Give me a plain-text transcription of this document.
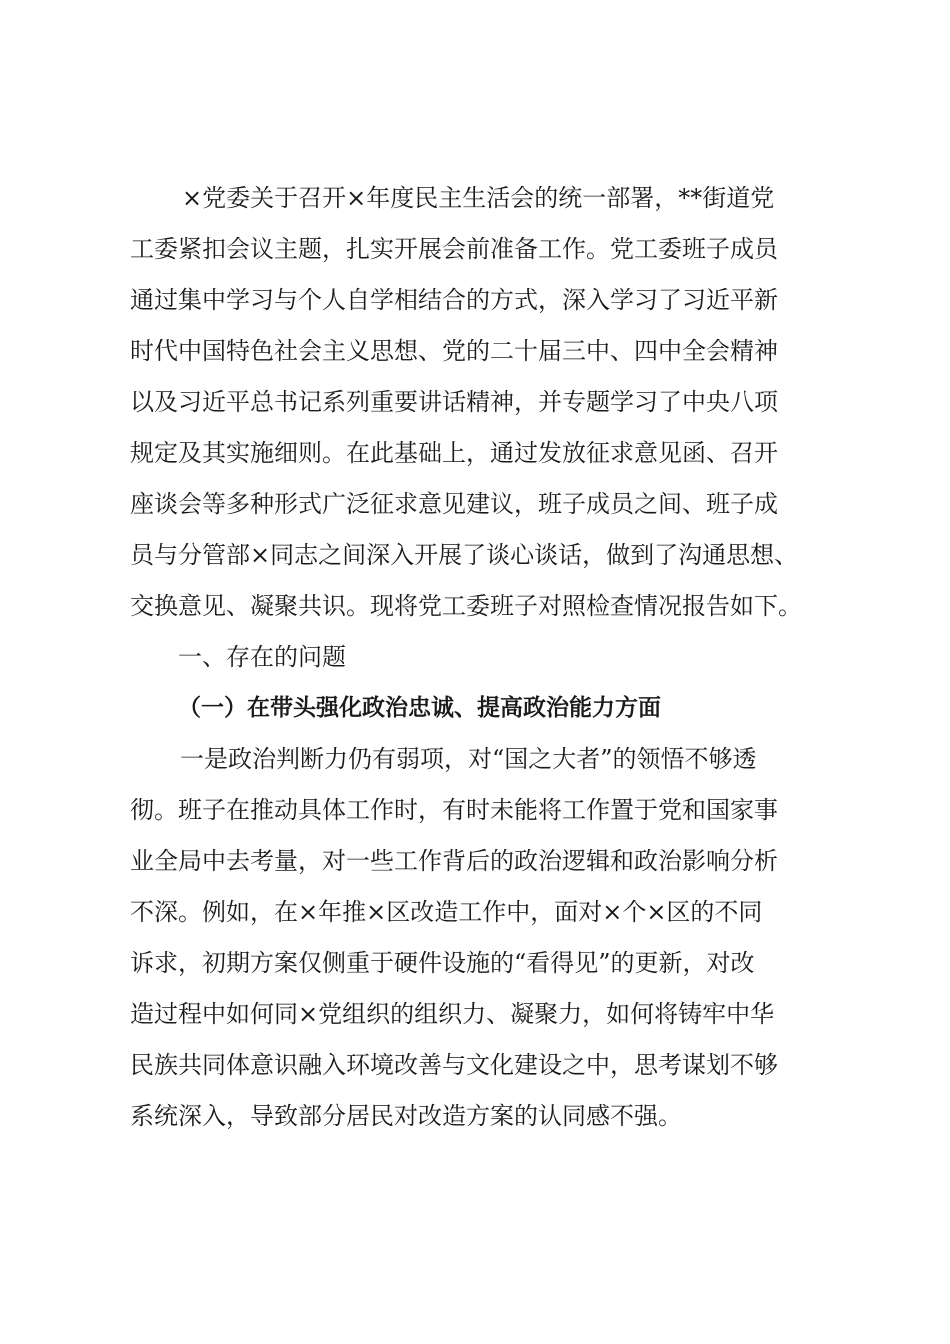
×党委关于召开×年度民主生活会的统一部署，**街道党
工委紧扣会议主题，扎实开展会前准备工作。党工委班子成员
通过集中学习与个人自学相结合的方式，深入学习了习近平新
时代中国特色社会主义思想、党的二十届三中、四中全会精神
以及习近平总书记系列重要讲话精神，并专题学习了中央八项
规定及其实施细则。在此基础上，通过发放征求意见函、召开
座谈会等多种形式广泛征求意见建议，班子成员之间、班子成
员与分管部×同志之间深入开展了谈心谈话，做到了沟通思想、
交换意见、凝聚共识。现将党工委班子对照检查情况报告如下。
一、存在的问题
（一）在带头强化政治忠诚、提高政治能力方面
一是政治判断力仍有弱项，对“国之大者”的领悟不够透
彻。班子在推动具体工作时，有时未能将工作置于党和国家事
业全局中去考量，对一些工作背后的政治逻辑和政治影响分析
不深。例如，在×年推×区改造工作中，面对×个×区的不同
诉求，初期方案仅侧重于硬件设施的“看得见”的更新，对改
造过程中如何同×党组织的组织力、凝聚力，如何将铸牢中华
民族共同体意识融入环境改善与文化建设之中，思考谋划不够
系统深入，导致部分居民对改造方案的认同感不强。
